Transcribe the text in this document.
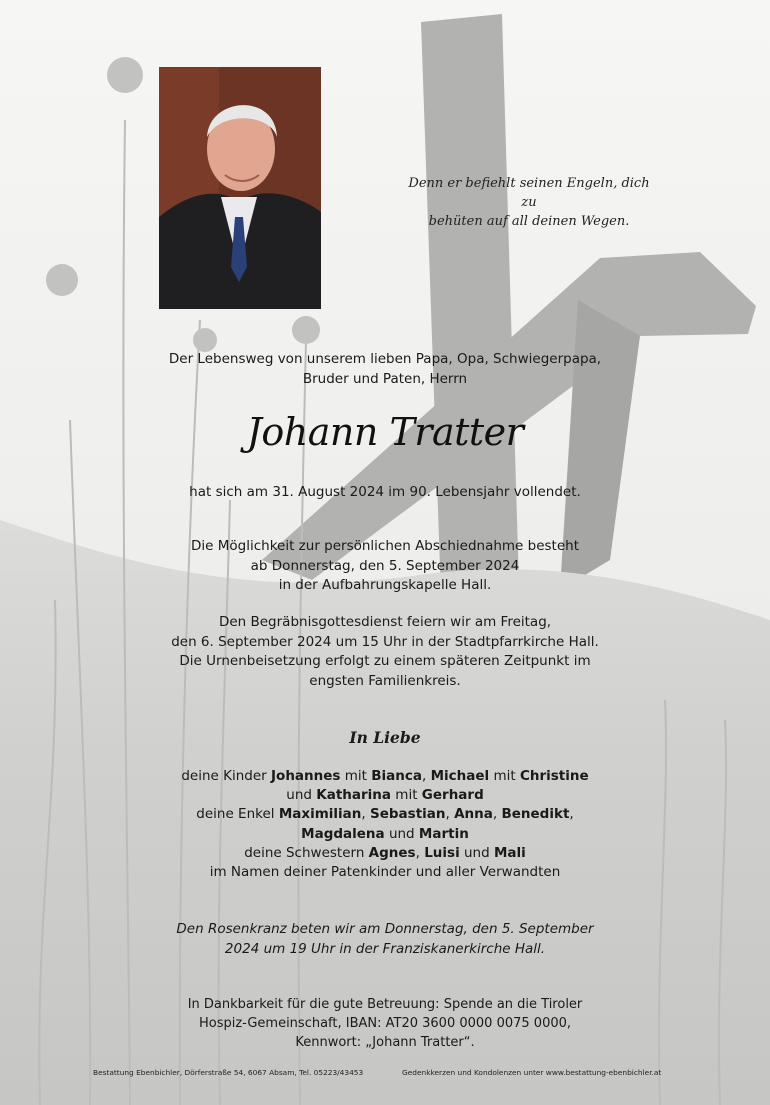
Denn er befiehlt seinen Engeln, dich zu
behüten auf all deinen Wegen.
Der Lebensweg von unserem lieben Papa, Opa, Schwiegerpapa,
Bruder und Paten, Herrn
Johann Tratter
hat sich am 31. August 2024 im 90. Lebensjahr vollendet.
Die Möglichkeit zur persönlichen Abschiednahme besteht
ab Donnerstag, den 5. September 2024
in der Aufbahrungskapelle Hall.
Den Begräbnisgottesdienst feiern wir am Freitag,
den 6. September 2024 um 15 Uhr in der Stadtpfarrkirche Hall.
Die Urnenbeisetzung erfolgt zu einem späteren Zeitpunkt im
engsten Familienkreis.
In Liebe
deine Kinder Johannes mit Bianca, Michael mit Christine
und Katharina mit Gerhard
deine Enkel Maximilian, Sebastian, Anna, Benedikt,
Magdalena und Martin
deine Schwestern Agnes, Luisi und Mali
im Namen deiner Patenkinder und aller Verwandten
Den Rosenkranz beten wir am Donnerstag, den 5. September
2024 um 19 Uhr in der Franziskanerkirche Hall.
In Dankbarkeit für die gute Betreuung: Spende an die Tiroler
Hospiz-Gemeinschaft, IBAN: AT20 3600 0000 0075 0000,
Kennwort: „Johann Tratter“.
Bestattung Ebenbichler, Dörferstraße 54, 6067 Absam, Tel. 05223/43453	Gedenkkerzen und Kondolenzen unter www.bestattung-ebenbichler.at
